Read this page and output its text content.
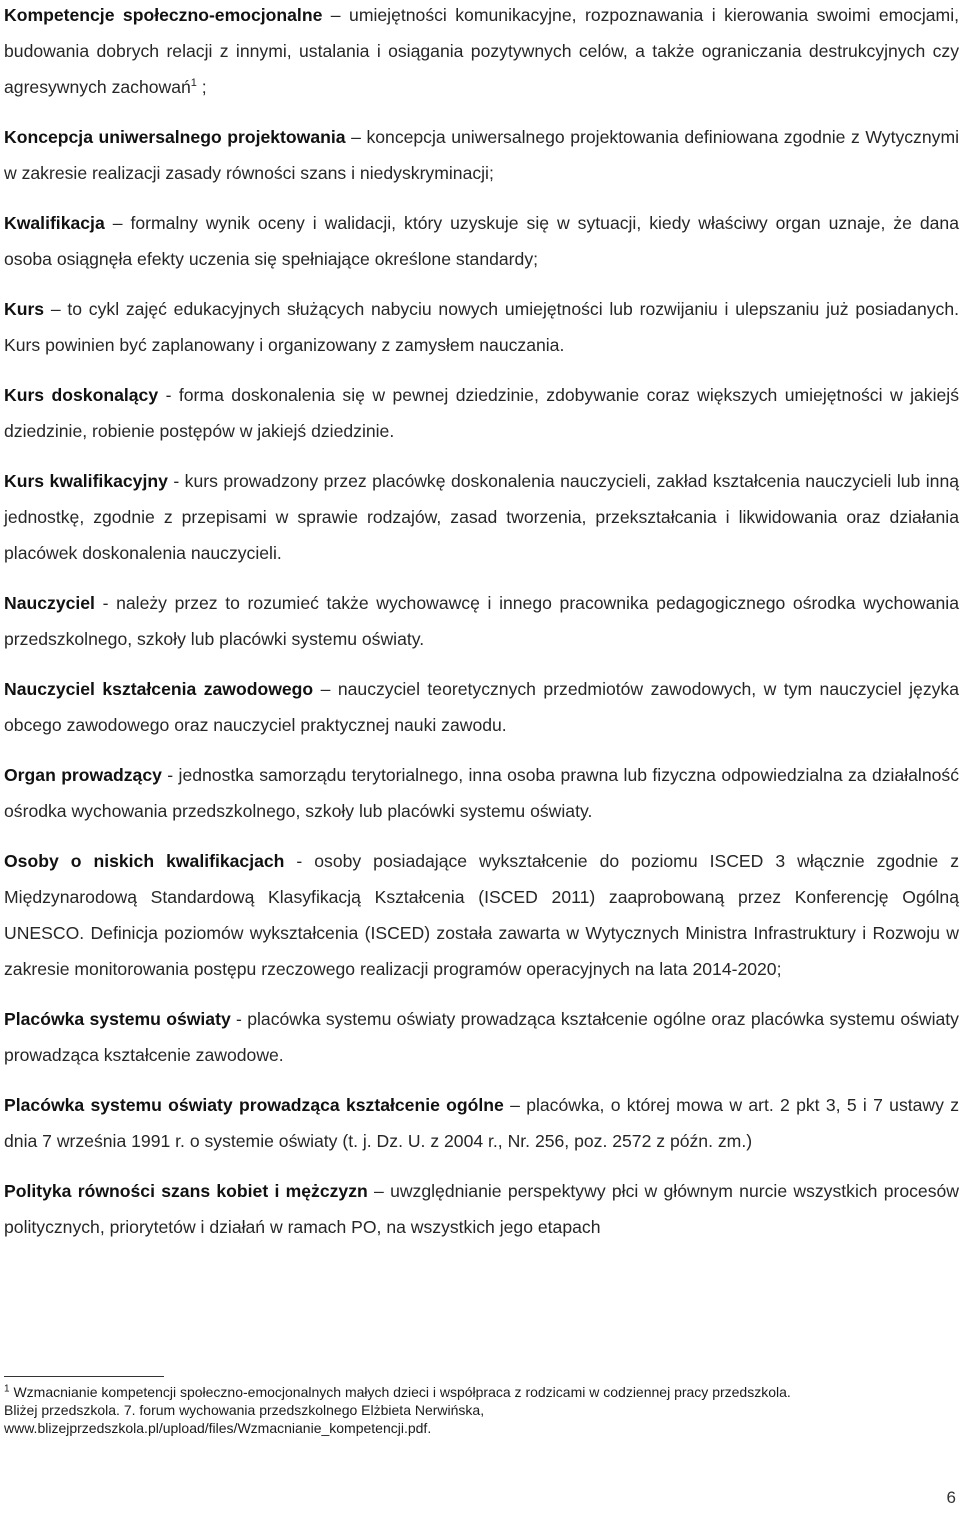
Kompetencje społeczno-emocjonalne – umiejętności komunikacyjne, rozpoznawania i kierowania swoimi emocjami, budowania dobrych relacji z innymi, ustalania i osiągania pozytywnych celów, a także ograniczania destrukcyjnych czy agresywnych zachowań$^1$ ;

Koncepcja uniwersalnego projektowania – koncepcja uniwersalnego projektowania definiowana zgodnie z Wytycznymi w zakresie realizacji zasady równości szans i niedyskryminacji;

Kwalifikacja – formalny wynik oceny i walidacji, który uzyskuje się w sytuacji, kiedy właściwy organ uznaje, że dana osoba osiągnęła efekty uczenia się spełniające określone standardy;

Kurs – to cykl zajęć edukacyjnych służących nabyciu nowych umiejętności lub rozwijaniu i ulepszaniu już posiadanych. Kurs powinien być zaplanowany i organizowany z zamysłem nauczania.

Kurs doskonalący - forma doskonalenia się w pewnej dziedzinie, zdobywanie coraz większych umiejętności w jakiejś dziedzinie, robienie postępów w jakiejś dziedzinie.

Kurs kwalifikacyjny - kurs prowadzony przez placówkę doskonalenia nauczycieli, zakład kształcenia nauczycieli lub inną jednostkę, zgodnie z przepisami w sprawie rodzajów, zasad tworzenia, przekształcania i likwidowania oraz działania placówek doskonalenia nauczycieli.

Nauczyciel - należy przez to rozumieć także wychowawcę i innego pracownika pedagogicznego ośrodka wychowania przedszkolnego, szkoły lub placówki systemu oświaty.

Nauczyciel kształcenia zawodowego – nauczyciel teoretycznych przedmiotów zawodowych, w tym nauczyciel języka obcego zawodowego oraz nauczyciel praktycznej nauki zawodu.

Organ prowadzący - jednostka samorządu terytorialnego, inna osoba prawna lub fizyczna odpowiedzialna za działalność ośrodka wychowania przedszkolnego, szkoły lub placówki systemu oświaty.

Osoby o niskich kwalifikacjach - osoby posiadające wykształcenie do poziomu ISCED 3 włącznie zgodnie z Międzynarodową Standardową Klasyfikacją Kształcenia (ISCED 2011) zaaprobowaną przez Konferencję Ogólną UNESCO. Definicja poziomów wykształcenia (ISCED) została zawarta w Wytycznych Ministra Infrastruktury i Rozwoju w zakresie monitorowania postępu rzeczowego realizacji programów operacyjnych na lata 2014-2020;

Placówka systemu oświaty - placówka systemu oświaty prowadząca kształcenie ogólne oraz placówka systemu oświaty prowadząca kształcenie zawodowe.

Placówka systemu oświaty prowadząca kształcenie ogólne – placówka, o której mowa w art. 2 pkt 3, 5 i 7 ustawy z dnia 7 września 1991 r. o systemie oświaty (t. j. Dz. U. z 2004 r., Nr. 256, poz. 2572 z późn. zm.)

Polityka równości szans kobiet i mężczyzn – uwzględnianie perspektywy płci w głównym nurcie wszystkich procesów politycznych, priorytetów i działań w ramach PO, na wszystkich jego etapach

$^1$ Wzmacnianie kompetencji społeczno-emocjonalnych małych dzieci i współpraca z rodzicami w codziennej pracy przedszkola.
Bliżej przedszkola. 7. forum wychowania przedszkolnego Elżbieta Nerwińska,
www.blizejprzedszkola.pl/upload/files/Wzmacnianie_kompetencji.pdf.
6
